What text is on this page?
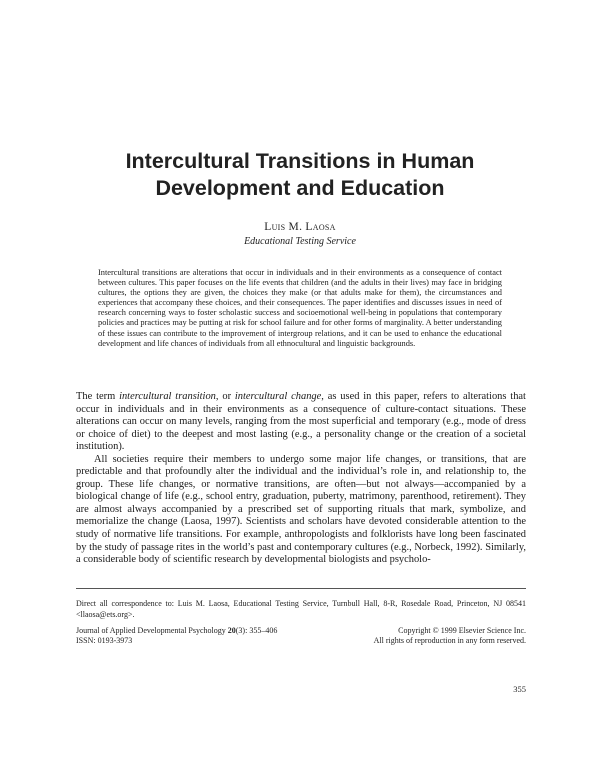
Intercultural Transitions in Human
Development and Education
Luis M. Laosa
Educational Testing Service
Intercultural transitions are alterations that occur in individuals and in their environments as a consequence of contact between cultures. This paper focuses on the life events that children (and the adults in their lives) may face in bridging cultures, the options they are given, the choices they make (or that adults make for them), the circumstances and experiences that accompany these choices, and their consequences. The paper identifies and discusses issues in need of research concerning ways to foster scholastic success and socioemotional well-being in populations that contemporary policies and practices may be putting at risk for school failure and for other forms of marginality. A better understanding of these issues can contribute to the improvement of intergroup relations, and it can be used to enhance the educational development and life chances of individuals from all ethnocultural and linguistic backgrounds.

The term intercultural transition, or intercultural change, as used in this paper, refers to alterations that occur in individuals and in their environments as a consequence of culture-contact situations. These alterations can occur on many levels, ranging from the most superficial and temporary (e.g., mode of dress or choice of diet) to the deepest and most lasting (e.g., a personality change or the creation of a societal institution).

All societies require their members to undergo some major life changes, or transitions, that are predictable and that profoundly alter the individual and the individual’s role in, and relationship to, the group. These life changes, or normative transitions, are often—but not always—accompanied by a biological change of life (e.g., school entry, graduation, puberty, matrimony, parenthood, retirement). They are almost always accompanied by a prescribed set of supporting rituals that mark, symbolize, and memorialize the change (Laosa, 1997). Scientists and scholars have devoted considerable attention to the study of normative life transitions. For example, anthropologists and folklorists have long been fascinated by the study of passage rites in the world’s past and contemporary cultures (e.g., Norbeck, 1992). Similarly, a considerable body of scientific research by developmental biologists and psycholo-

Direct all correspondence to: Luis M. Laosa, Educational Testing Service, Turnbull Hall, 8-R, Rosedale Road, Princeton, NJ 08541 <llaosa@ets.org>.
Journal of Applied Developmental Psychology 20(3): 355–406	Copyright © 1999 Elsevier Science Inc.
ISSN: 0193-3973	All rights of reproduction in any form reserved.
355
